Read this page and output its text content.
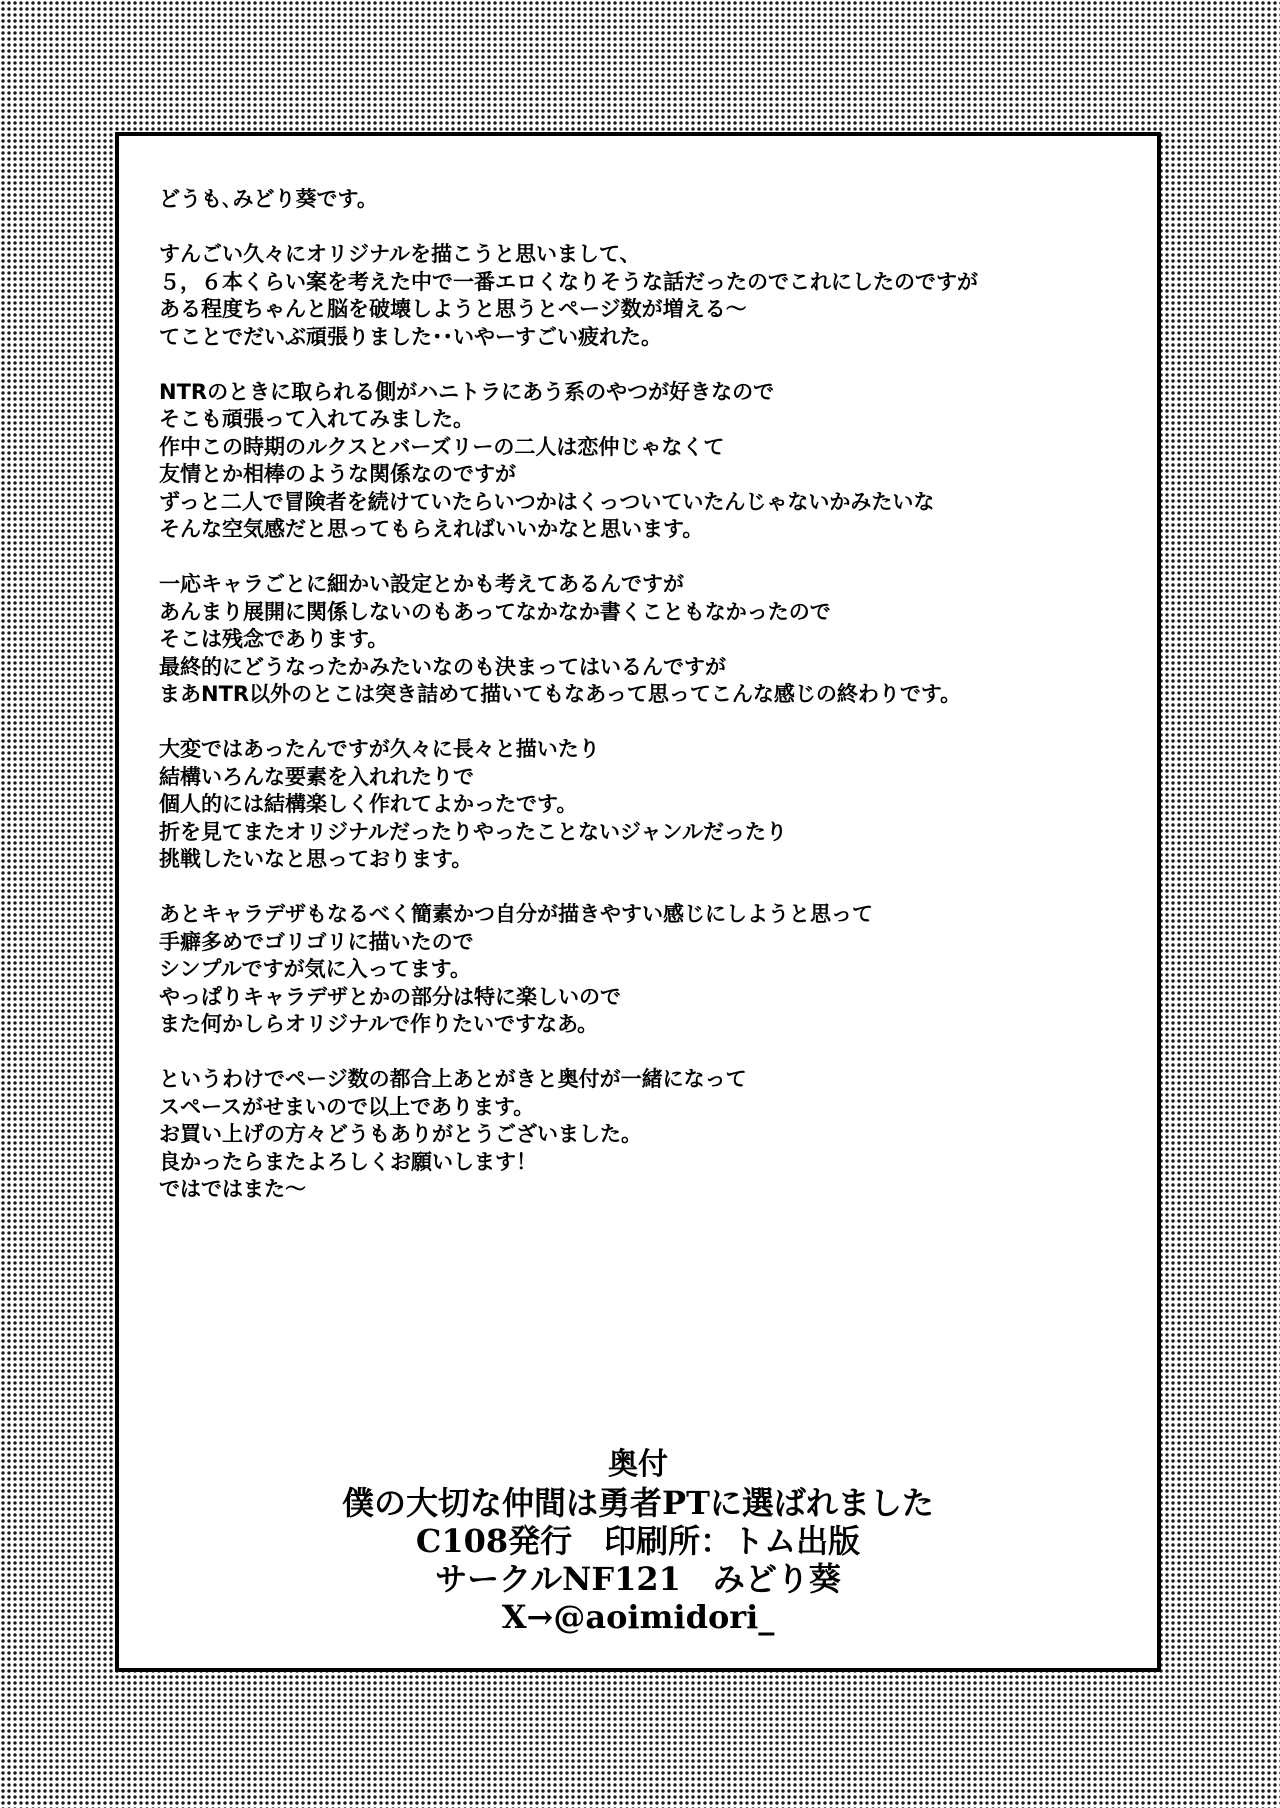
どうも､みどり葵です。
すんごい久々にオリジナルを描こうと思いまして、
５，６本くらい案を考えた中で一番エロくなりそうな話だったのでこれにしたのですが
ある程度ちゃんと脳を破壊しようと思うとページ数が増える〜
てことでだいぶ頑張りました･･いやーすごい疲れた。
NTRのときに取られる側がハニトラにあう系のやつが好きなので
そこも頑張って入れてみました。
作中この時期のルクスとバーズリーの二人は恋仲じゃなくて
友情とか相棒のような関係なのですが
ずっと二人で冒険者を続けていたらいつかはくっついていたんじゃないかみたいな
そんな空気感だと思ってもらえればいいかなと思います。
一応キャラごとに細かい設定とかも考えてあるんですが
あんまり展開に関係しないのもあってなかなか書くこともなかったので
そこは残念であります。
最終的にどうなったかみたいなのも決まってはいるんですが
まあNTR以外のとこは突き詰めて描いてもなあって思ってこんな感じの終わりです。
大変ではあったんですが久々に長々と描いたり
結構いろんな要素を入れれたりで
個人的には結構楽しく作れてよかったです。
折を見てまたオリジナルだったりやったことないジャンルだったり
挑戦したいなと思っております。
あとキャラデザもなるべく簡素かつ自分が描きやすい感じにしようと思って
手癖多めでゴリゴリに描いたので
シンプルですが気に入ってます。
やっぱりキャラデザとかの部分は特に楽しいので
また何かしらオリジナルで作りたいですなあ。
というわけでページ数の都合上あとがきと奥付が一緒になって
スペースがせまいので以上であります。
お買い上げの方々どうもありがとうございました。
良かったらまたよろしくお願いします！
ではではまた〜
奥付
僕の大切な仲間は勇者PTに選ばれました
C108発行 印刷所：トム出版
サークルNF121 みどり葵
X→@aoimidori_
